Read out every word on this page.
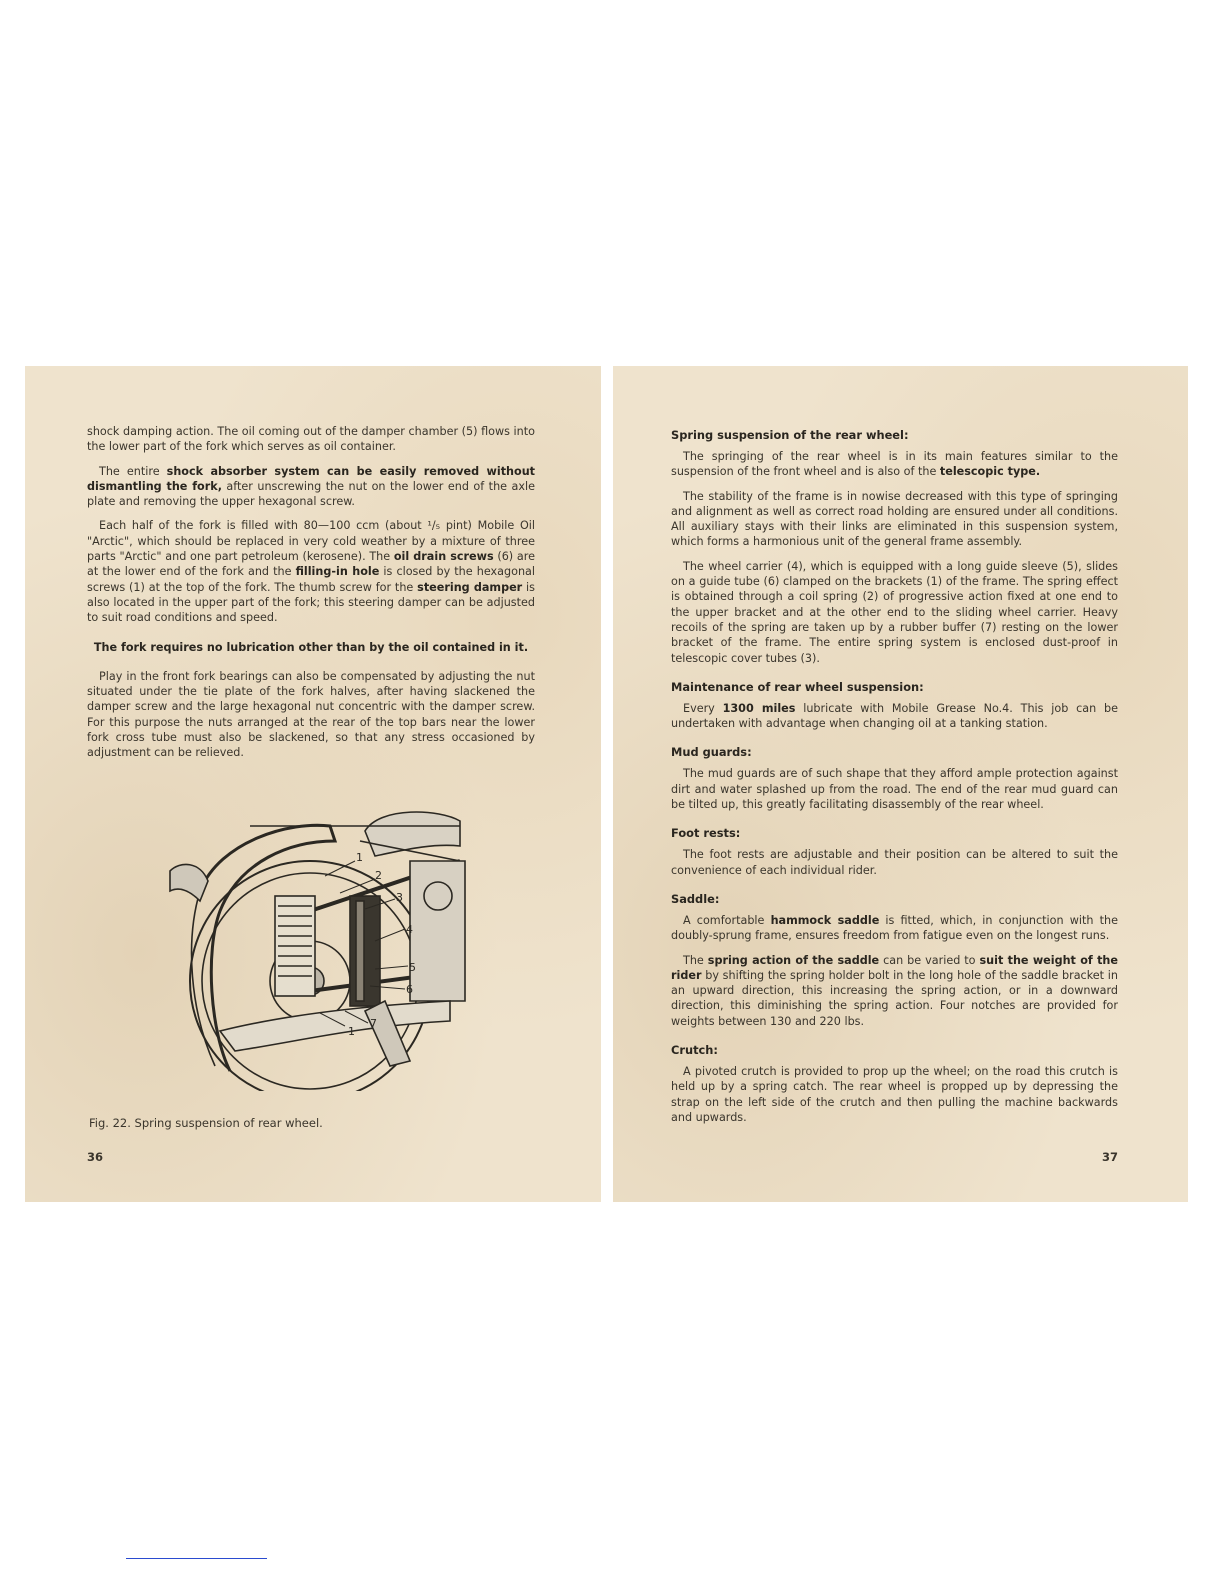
shock damping action. The oil coming out of the damper chamber (5) flows into the lower part of the fork which serves as oil container.

The entire shock absorber system can be easily removed without dismantling the fork, after unscrewing the nut on the lower end of the axle plate and removing the upper hexagonal screw.

Each half of the fork is filled with 80—100 ccm (about ¹/₅ pint) Mobile Oil "Arctic", which should be replaced in very cold weather by a mixture of three parts "Arctic" and one part petroleum (kerosene). The oil drain screws (6) are at the lower end of the fork and the filling-in hole is closed by the hexagonal screws (1) at the top of the fork. The thumb screw for the steering damper is also located in the upper part of the fork; this steering damper can be adjusted to suit road conditions and speed.

The fork requires no lubrication other than by the oil contained in it.

Play in the front fork bearings can also be compensated by adjusting the nut situated under the tie plate of the fork halves, after having slackened the damper screw and the large hexagonal nut concentric with the damper screw. For this purpose the nuts arranged at the rear of the top bars near the lower fork cross tube must also be slackened, so that any stress occasioned by adjustment can be relieved.

1
2
3
4
5
6
7
1
Fig. 22. Spring suspension of rear wheel.
36
Spring suspension of the rear wheel:

The springing of the rear wheel is in its main features similar to the suspension of the front wheel and is also of the telescopic type.

The stability of the frame is in nowise decreased with this type of springing and alignment as well as correct road holding are ensured under all conditions. All auxiliary stays with their links are eliminated in this suspension system, which forms a harmonious unit of the general frame assembly.

The wheel carrier (4), which is equipped with a long guide sleeve (5), slides on a guide tube (6) clamped on the brackets (1) of the frame. The spring effect is obtained through a coil spring (2) of progressive action fixed at one end to the upper bracket and at the other end to the sliding wheel carrier. Heavy recoils of the spring are taken up by a rubber buffer (7) resting on the lower bracket of the frame. The entire spring system is enclosed dust-proof in telescopic cover tubes (3).

Maintenance of rear wheel suspension:

Every 1300 miles lubricate with Mobile Grease No.4. This job can be undertaken with advantage when changing oil at a tanking station.

Mud guards:

The mud guards are of such shape that they afford ample protection against dirt and water splashed up from the road. The end of the rear mud guard can be tilted up, this greatly facilitating disassembly of the rear wheel.

Foot rests:

The foot rests are adjustable and their position can be altered to suit the convenience of each individual rider.

Saddle:

A comfortable hammock saddle is fitted, which, in conjunction with the doubly-sprung frame, ensures freedom from fatigue even on the longest runs.

The spring action of the saddle can be varied to suit the weight of the rider by shifting the spring holder bolt in the long hole of the saddle bracket in an upward direction, this increasing the spring action, or in a downward direction, this diminishing the spring action. Four notches are provided for weights between 130 and 220 lbs.

Crutch:

A pivoted crutch is provided to prop up the wheel; on the road this crutch is held up by a spring catch. The rear wheel is propped up by depressing the strap on the left side of the crutch and then pulling the machine backwards and upwards.

37
